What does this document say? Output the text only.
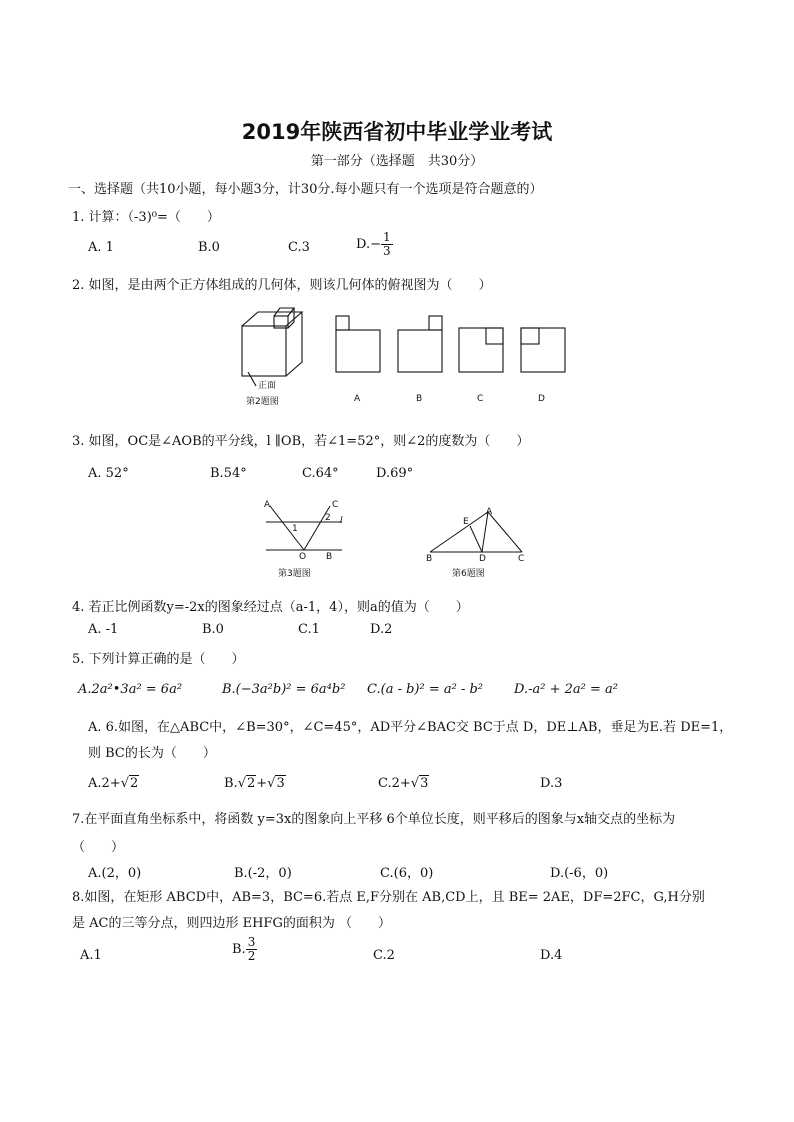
2019年陕西省初中毕业学业考试
第一部分（选择题　共30分）
一、选择题（共10小题，每小题3分，计30分.每小题只有一个选项是符合题意的）
1. 计算：（-3)⁰=（　　）
A. 1	B.0	C.3	$D.- \frac{1}{3}$
2. 如图，是由两个正方体组成的几何体，则该几何体的俯视图为（　　）
正面
第2题图	A	B	C	D
3. 如图，OC是∠AOB的平分线，l ∥OB，若∠1=52°，则∠2的度数为（　　）
A. 52°	B.54°	C.64°	D.69°
A	C
1
2 l
O B
第3题图
A
E
B	D	C
第6题图
4. 若正比例函数y=-2x的图象经过点（a-1，4），则a的值为（　　）
A. -1	B.0	C.1	D.2
5. 下列计算正确的是（　　）
A.2a²•3a² = 6a²	B.(−3a²b)² = 6a⁴b² C.(a - b)² = a² - b² D.-a² + 2a² = a²
A. 6.如图，在△ABC中，∠B=30°，∠C=45°，AD平分∠BAC交 BC于点 D，DE⊥AB，垂足为E.若 DE=1，
则 BC的长为（　　）
A.2+√2	B.√2+√3	C.2+√3	D.3
7.在平面直角坐标系中，将函数 y=3x的图象向上平移 6个单位长度，则平移后的图象与x轴交点的坐标为
（　　）
A.(2，0)	B.(-2，0)	C.(6，0)	D.(-6，0)
8.如图，在矩形 ABCD中，AB=3，BC=6.若点 E,F分别在 AB,CD上，且 BE= 2AE，DF=2FC，G,H分别
是 AC的三等分点，则四边形 EHFG的面积为 （　　）
A.1	B. $\frac{3}{2}$	C.2	D.4
